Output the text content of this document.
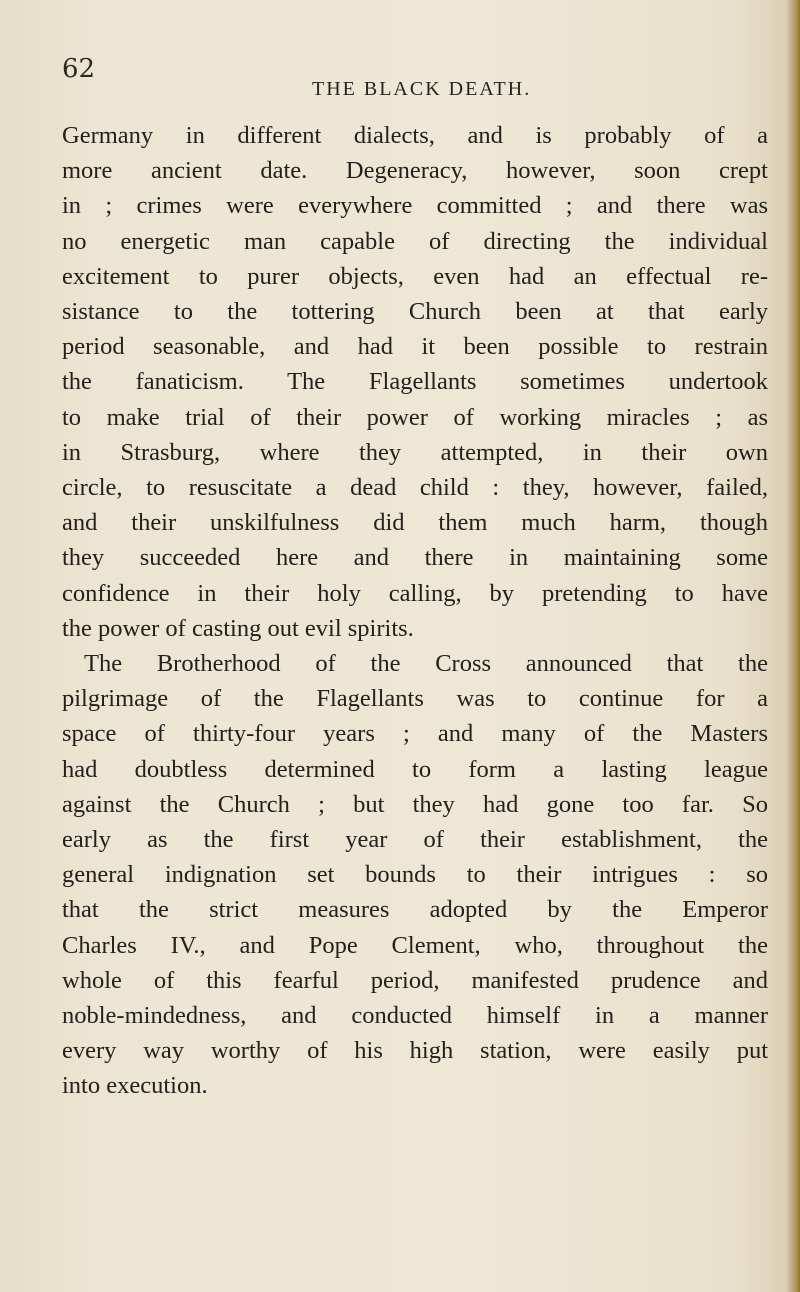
62
THE BLACK DEATH.
Germany in different dialects, and is probably of a
more ancient date. Degeneracy, however, soon crept
in ; crimes were everywhere committed ; and there was
no energetic man capable of directing the individual
excitement to purer objects, even had an effectual re-
sistance to the tottering Church been at that early
period seasonable, and had it been possible to restrain
the fanaticism. The Flagellants sometimes undertook
to make trial of their power of working miracles ; as
in Strasburg, where they attempted, in their own
circle, to resuscitate a dead child : they, however, failed,
and their unskilfulness did them much harm, though
they succeeded here and there in maintaining some
confidence in their holy calling, by pretending to have
the power of casting out evil spirits.
The Brotherhood of the Cross announced that the
pilgrimage of the Flagellants was to continue for a
space of thirty-four years ; and many of the Masters
had doubtless determined to form a lasting league
against the Church ; but they had gone too far. So
early as the first year of their establishment, the
general indignation set bounds to their intrigues : so
that the strict measures adopted by the Emperor
Charles IV., and Pope Clement, who, throughout the
whole of this fearful period, manifested prudence and
noble-mindedness, and conducted himself in a manner
every way worthy of his high station, were easily put
into execution.
